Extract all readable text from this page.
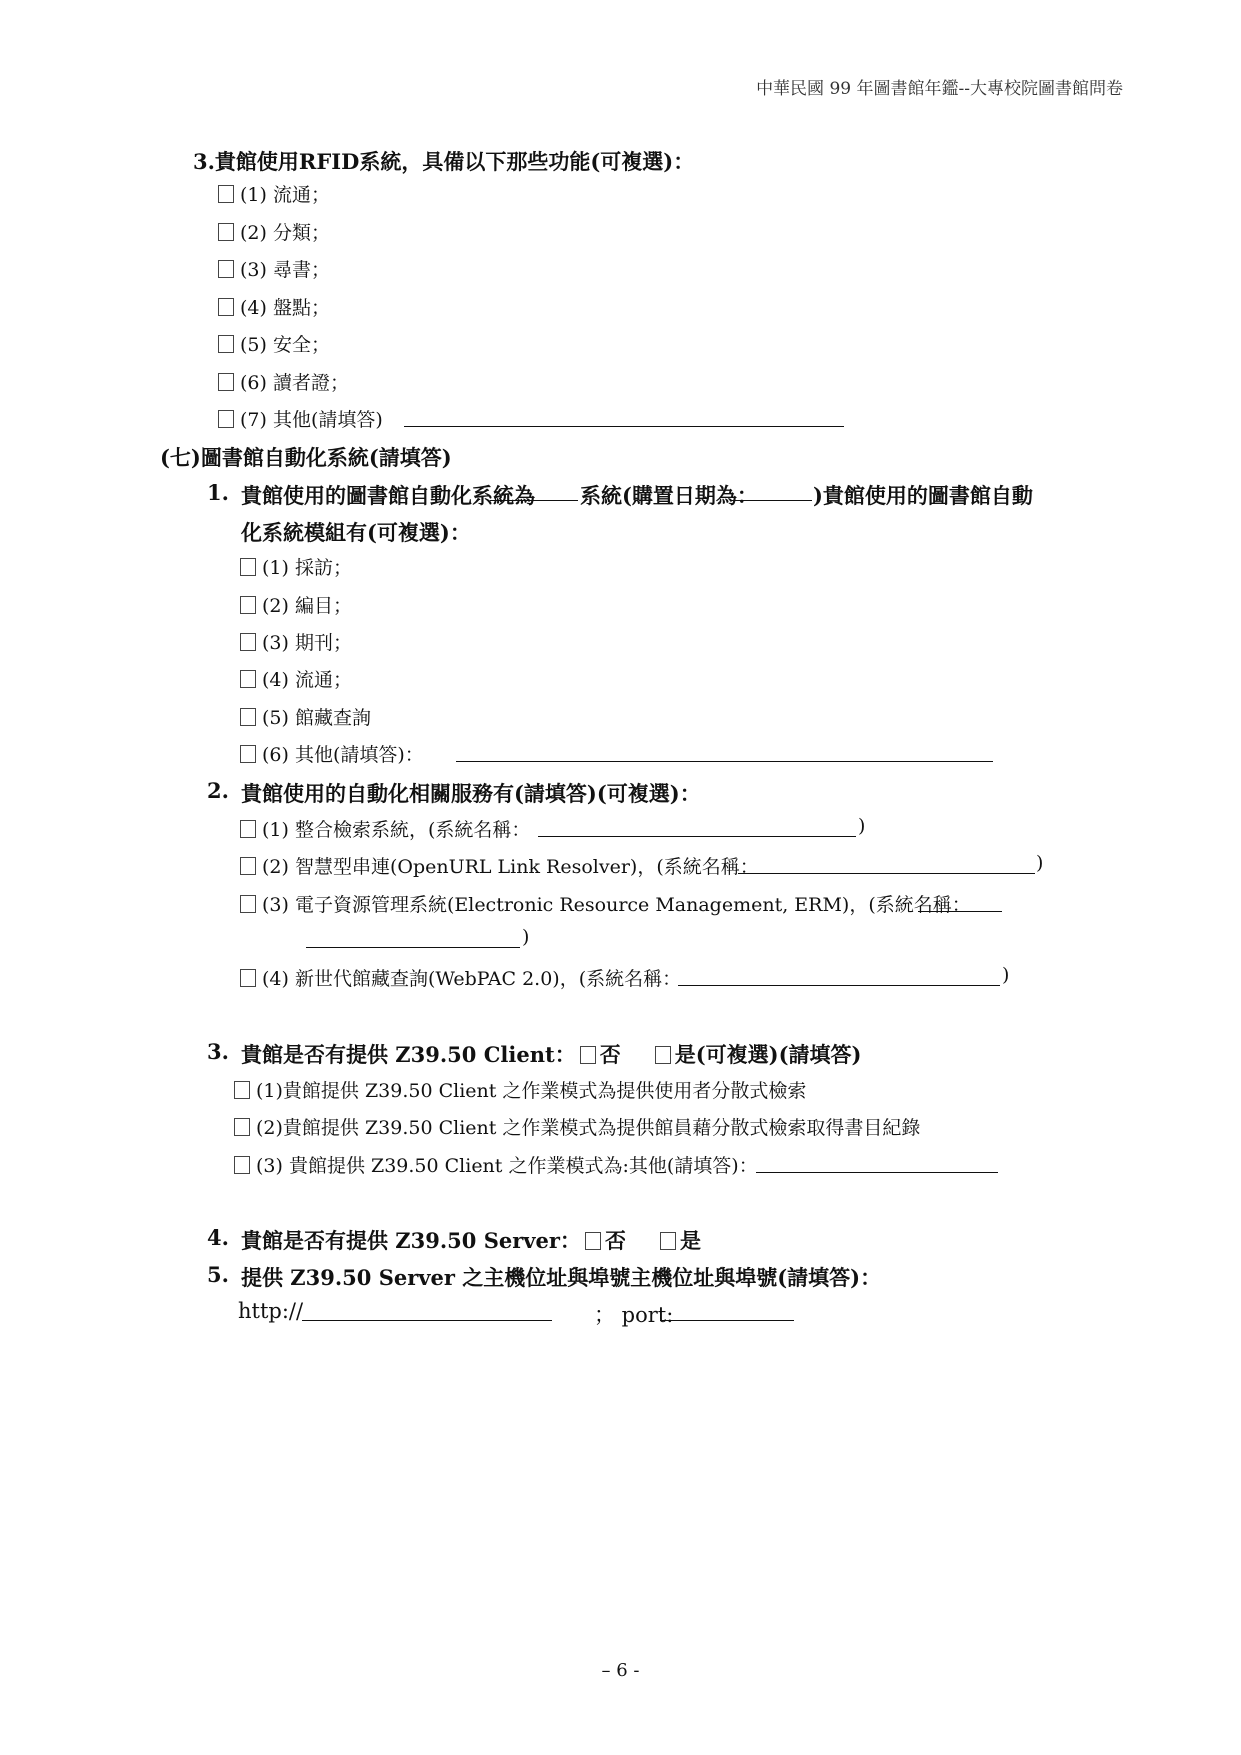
中華民國 99 年圖書館年鑑--大專校院圖書館問卷
3.貴館使用RFID系統，具備以下那些功能(可複選)：
(1) 流通；
(2) 分類；
(3) 尋書；
(4) 盤點；
(5) 安全；
(6) 讀者證；
(7) 其他(請填答)
(七)圖書館自動化系統(請填答)
1. 貴館使用的圖書館自動化系統為 系統(購置日期為：	)貴館使用的圖書館自動
化系統模組有(可複選)：
(1) 採訪；
(2) 編目；
(3) 期刊；
(4) 流通；
(5) 館藏查詢
(6) 其他(請填答)：
2. 貴館使用的自動化相關服務有(請填答)(可複選)：
(1) 整合檢索系統，(系統名稱：	)
(2) 智慧型串連(OpenURL Link Resolver)，(系統名稱：	)
(3) 電子資源管理系統(Electronic Resource Management, ERM)，(系統名稱：
)
(4) 新世代館藏查詢(WebPAC 2.0)，(系統名稱：	)
3. 貴館是否有提供 Z39.50 Client： 否	是(可複選)(請填答)
(1)貴館提供 Z39.50 Client 之作業模式為提供使用者分散式檢索
(2)貴館提供 Z39.50 Client 之作業模式為提供館員藉分散式檢索取得書目紀錄
(3) 貴館提供 Z39.50 Client 之作業模式為:其他(請填答)：
4. 貴館是否有提供 Z39.50 Server： 否	是
5. 提供 Z39.50 Server 之主機位址與埠號主機位址與埠號(請填答)：
http://	； port:
– 6 -
